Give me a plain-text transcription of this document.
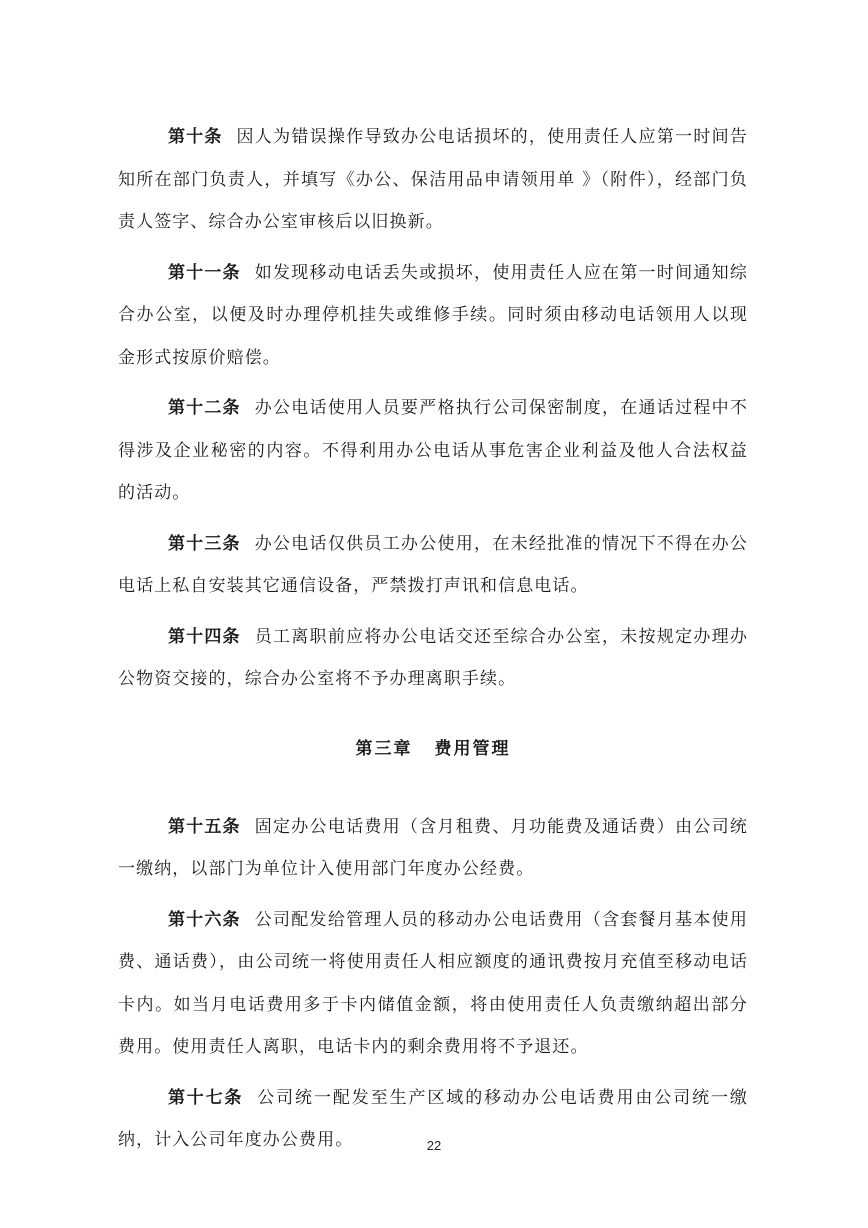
第十条 因人为错误操作导致办公电话损坏的，使用责任人应第一时间告知所在部门负责人，并填写《办公、保洁用品申请领用单 》（附件），经部门负责人签字、综合办公室审核后以旧换新。

第十一条 如发现移动电话丢失或损坏，使用责任人应在第一时间通知综合办公室，以便及时办理停机挂失或维修手续。同时须由移动电话领用人以现金形式按原价赔偿。

第十二条 办公电话使用人员要严格执行公司保密制度，在通话过程中不得涉及企业秘密的内容。不得利用办公电话从事危害企业利益及他人合法权益的活动。

第十三条 办公电话仅供员工办公使用，在未经批准的情况下不得在办公电话上私自安装其它通信设备，严禁拨打声讯和信息电话。

第十四条 员工离职前应将办公电话交还至综合办公室，未按规定办理办公物资交接的，综合办公室将不予办理离职手续。

第三章 费用管理

第十五条 固定办公电话费用（含月租费、月功能费及通话费）由公司统一缴纳，以部门为单位计入使用部门年度办公经费。

第十六条 公司配发给管理人员的移动办公电话费用（含套餐月基本使用费、通话费），由公司统一将使用责任人相应额度的通讯费按月充值至移动电话卡内。如当月电话费用多于卡内储值金额，将由使用责任人负责缴纳超出部分费用。使用责任人离职，电话卡内的剩余费用将不予退还。

第十七条 公司统一配发至生产区域的移动办公电话费用由公司统一缴纳，计入公司年度办公费用。	22
